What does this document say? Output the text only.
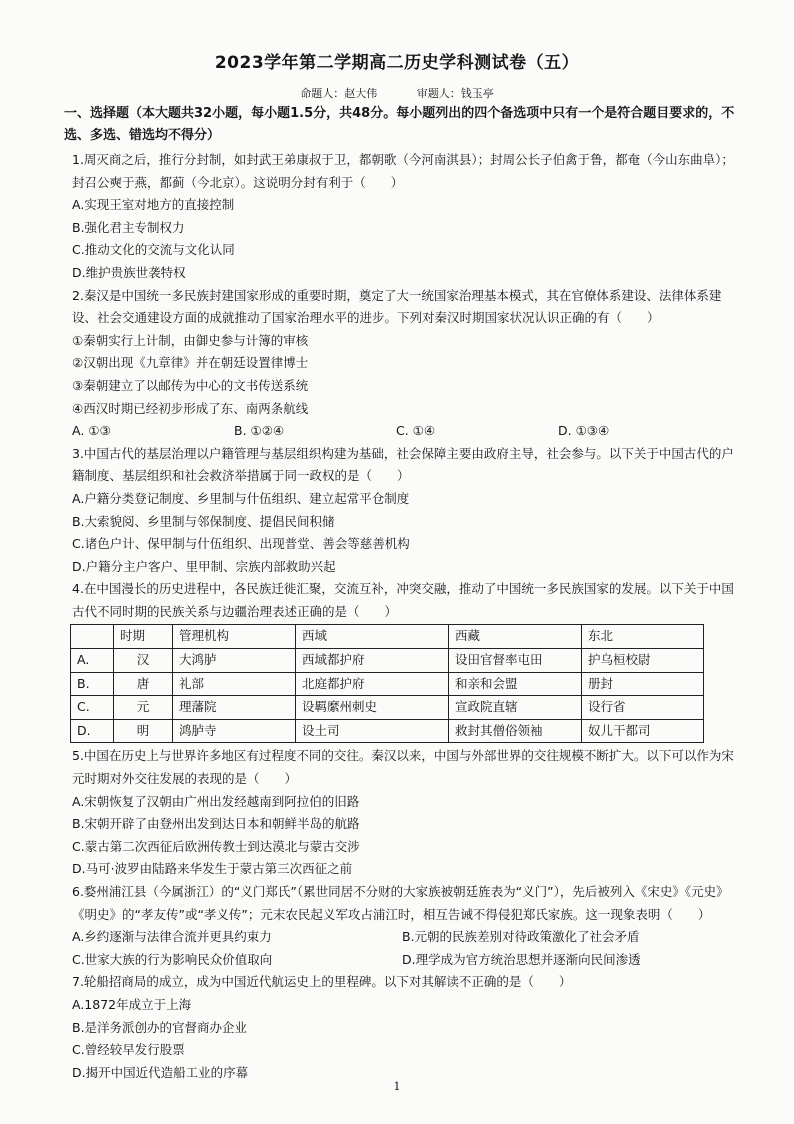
2023学年第二学期高二历史学科测试卷（五）
命题人：赵大伟	审题人：钱玉亭
一、选择题（本大题共32小题，每小题1.5分，共48分。每小题列出的四个备选项中只有一个是符合题目要求的，不选、多选、错选均不得分）

1.周灭商之后，推行分封制，如封武王弟康叔于卫，都朝歌（今河南淇县）；封周公长子伯禽于鲁，都奄（今山东曲阜）；封召公奭于燕，都蓟（今北京）。这说明分封有利于（　　）

A.实现王室对地方的直接控制B.强化君主专制权力
C.推动文化的交流与文化认同D.维护贵族世袭特权

2.秦汉是中国统一多民族封建国家形成的重要时期，奠定了大一统国家治理基本模式，其在官僚体系建设、法律体系建设、社会交通建设方面的成就推动了国家治理水平的进步。下列对秦汉时期国家状况认识正确的有（　　）

①秦朝实行上计制，由御史参与计簿的审核
②汉朝出现《九章律》并在朝廷设置律博士
③秦朝建立了以邮传为中心的文书传送系统
④西汉时期已经初步形成了东、南两条航线
A. ①③	B. ①②④	C. ①④	D. ①③④

3.中国古代的基层治理以户籍管理与基层组织构建为基础，社会保障主要由政府主导，社会参与。以下关于中国古代的户籍制度、基层组织和社会救济举措属于同一政权的是（　　）

A.户籍分类登记制度、乡里制与什伍组织、建立起常平仓制度
B.大索貌阅、乡里制与邻保制度、提倡民间积储
C.诸色户计、保甲制与什伍组织、出现普堂、善会等慈善机构
D.户籍分主户客户、里甲制、宗族内部救助兴起

4.在中国漫长的历史进程中，各民族迁徙汇聚，交流互补，冲突交融，推动了中国统一多民族国家的发展。以下关于中国古代不同时期的民族关系与边疆治理表述正确的是（　　）

	时期	管理机构	西域	西藏	东北
A.	汉	大鸿胪	西域都护府	设田官督率屯田	护乌桓校尉
B.	唐	礼部	北庭都护府	和亲和会盟	册封
C.	元	理藩院	设羁縻州刺史	宣政院直辖	设行省
D.	明	鸿胪寺	设土司	救封其僧俗领袖	奴儿干都司

5.中国在历史上与世界许多地区有过程度不同的交往。秦汉以来，中国与外部世界的交往规模不断扩大。以下可以作为宋元时期对外交往发展的表现的是（　　）

A.宋朝恢复了汉朝由广州出发经越南到阿拉伯的旧路
B.宋朝开辟了由登州出发到达日本和朝鲜半岛的航路
C.蒙古第二次西征后欧洲传教士到达漠北与蒙古交涉
D.马可·波罗由陆路来华发生于蒙古第三次西征之前

6.婺州浦江县（今属浙江）的“义门郑氏”（累世同居不分财的大家族被朝廷旌表为“义门”），先后被列入《宋史》《元史》《明史》的“孝友传”或“孝义传”；元末农民起义军攻占浦江时，相互告诫不得侵犯郑氏家族。这一现象表明（　　）

A.乡约逐渐与法律合流并更具约束力	B.元朝的民族差别对待政策激化了社会矛盾
C.世家大族的行为影响民众价值取向	D.理学成为官方统治思想并逐渐向民间渗透

7.轮船招商局的成立，成为中国近代航运史上的里程碑。以下对其解读不正确的是（　　）

A.1872年成立于上海B.是洋务派创办的官督商办企业
C.曾经较早发行股票D.揭开中国近代造船工业的序幕
1
